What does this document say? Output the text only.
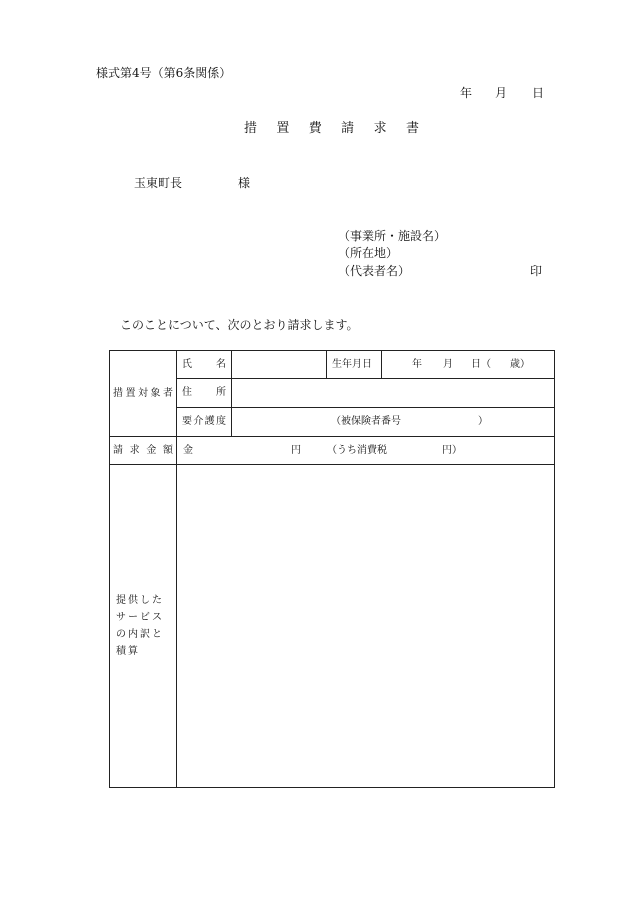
様式第4号（第6条関係）
年 月 日
措 置 費 請 求 書
玉東町長	様
（事業所・施設名）
（所在地）
（代表者名）	印
このことについて、次のとおり請求します。
措 置 対 象 者	氏 名		生年月日	年 月 日（ 歳）

	住 所			

	要 介 護 度	（被保険者番号 ）		

請 求 金 額	金 円 （うち消費税 円）			

提供したサービスの内訳と積算				
